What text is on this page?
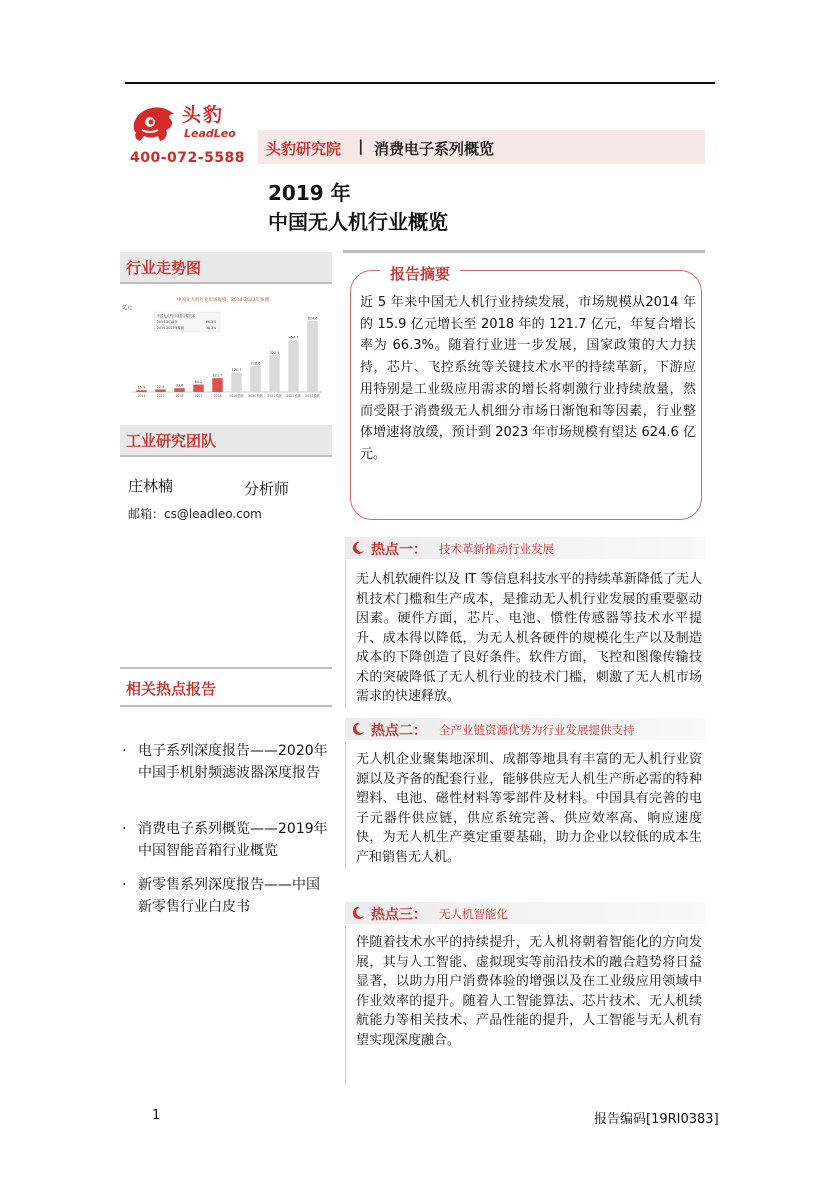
头豹
LeadLeo
400-072-5588 头豹研究院 | 消费电子系列概览
2019 年
中国无人机行业概览
行业走势图
中国无人机行业市场规模，2014-2023年预测
亿元
中国无人机行业复合增长率
2014-2018年	66.3%
2019-2023年预测	38.3%
15.9	22.9	33.6
65.2
121.7
170.7
228.6
322.5
454.7
624.6
2014	2015	2016	2017	2018 2019预测 2020预测 2021预测 2022预测 2023预测
工业研究团队
庄林楠	分析师
邮箱：cs@leadleo.com
相关热点报告
· 电子系列深度报告——2020年中国手机射频滤波器深度报告
· 消费电子系列概览——2019年中国智能音箱行业概览
· 新零售系列深度报告——中国新零售行业白皮书
报告摘要
近 5 年来中国无人机行业持续发展，市场规模从2014 年的 15.9 亿元增长至 2018 年的 121.7 亿元，年复合增长率为 66.3%。随着行业进一步发展，国家政策的大力扶持，芯片、飞控系统等关键技术水平的持续革新，下游应用特别是工业级应用需求的增长将刺激行业持续放量，然而受限于消费级无人机细分市场日渐饱和等因素，行业整体增速将放缓，预计到 2023 年市场规模有望达 624.6 亿元。
热点一： 技术革新推动行业发展
无人机软硬件以及 IT 等信息科技水平的持续革新降低了无人机技术门槛和生产成本，是推动无人机行业发展的重要驱动因素。硬件方面，芯片、电池、惯性传感器等技术水平提升、成本得以降低，为无人机各硬件的规模化生产以及制造成本的下降创造了良好条件。软件方面，飞控和图像传输技术的突破降低了无人机行业的技术门槛，刺激了无人机市场需求的快速释放。
热点二： 全产业链资源优势为行业发展提供支持
无人机企业聚集地深圳、成都等地具有丰富的无人机行业资源以及齐备的配套行业，能够供应无人机生产所必需的特种塑料、电池、磁性材料等零部件及材料。中国具有完善的电子元器件供应链，供应系统完善、供应效率高、响应速度快，为无人机生产奠定重要基础，助力企业以较低的成本生产和销售无人机。
热点三： 无人机智能化
伴随着技术水平的持续提升，无人机将朝着智能化的方向发展，其与人工智能、虚拟现实等前沿技术的融合趋势将日益显著，以助力用户消费体验的增强以及在工业级应用领域中作业效率的提升。随着人工智能算法、芯片技术、无人机续航能力等相关技术、产品性能的提升，人工智能与无人机有望实现深度融合。
1	报告编码[19RI0383]
